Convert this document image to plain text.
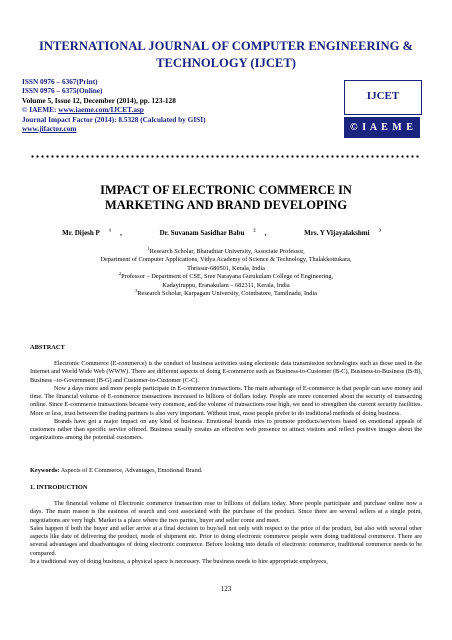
INTERNATIONAL JOURNAL OF COMPUTER ENGINEERING &
TECHNOLOGY (IJCET)
ISSN 0976 – 6367(Print)
ISSN 0976 – 6375(Online)
Volume 5, Issue 12, December (2014), pp. 123-128
© IAEME: www.iaeme.com/IJCET.asp
Journal Impact Factor (2014): 8.5328 (Calculated by GISI)
www.jifactor.com
IJCET
© I A E M E
IMPACT OF ELECTRONIC COMMERCE IN
MARKETING AND BRAND DEVELOPING
Mr. Dijesh P $^1$ ,	Dr. Suvanam Sasidhar Babu $^2$ ,	Mrs. Y Vijayalakshmi $^3$
$^1$Research Scholar, Bharathiar University, Associate Professor,
Department of Computer Applications, Vidya Academy of Science & Technology, Thalakkottukara,
Thrissur-680501, Kerala, India
$^2$Professor – Department of CSE, Sree Narayana Gurukulam College of Engineering,
Kadayiruppu, Eranakulam – 682311, Kerala, India
$^3$Research Scholar, Karpagam University, Coimbatore, Tamilnadu, India
ABSTRACT

Electronic Commerce (E-commerce) is the conduct of business activities using electronic data transmission technologies such as those used in the Internet and World Wide Web (WWW). There are different aspects of doing E-commerce such as Business-to-Customer (B-C), Business-to-Business (B-B), Business –to-Government (B-G) and Customer-to-Customer (C-C).

Now a days more and more people participate in E-commerce transactions. The main advantage of E-commerce is that people can save money and time. The financial volume of E-commerce transactions increased to billions of dollars today. People are more concerned about the security of transacting online. Since E-commerce transactions became very common, and the volume of transactions rose high, we need to strengthen the current security facilities. More or less, trust between the trading partners is also very important. Without trust, most people prefer to do traditional methods of doing business.

Brands have got a major impact on any kind of business. Emotional brands tries to promote products/services based on emotional appeals of customers rather than specific service offered. Business usually creates an effective web presence to attract visitors and reflect positive images about the organizations among the potential customers.

Keywords: Aspects of E Commerce, Advantages, Emotional Brand.
1. INTRODUCTION

The financial volume of Electronic commerce transaction rose to billions of dollars today. More people participate and purchase online now a days. The main reason is the easiness of search and cost associated with the purchase of the product. Since there are several sellers at a single point, negotiations are very high. Market is a place where the two parties, buyer and seller come and meet.

Sales happen if both the buyer and seller arrive at a final decision to buy/sell not only with respect to the price of the product, but also with several other aspects like date of delivering the product, mode of shipment etc. Prior to doing electronic commerce people were doing traditional commerce. There are several advantages and disadvantages of doing electronic commerce. Before looking into details of electronic commerce, traditional commerce needs to be compared.

In a traditional way of doing business, a physical space is necessary. The business needs to hire appropriate employees,

123
